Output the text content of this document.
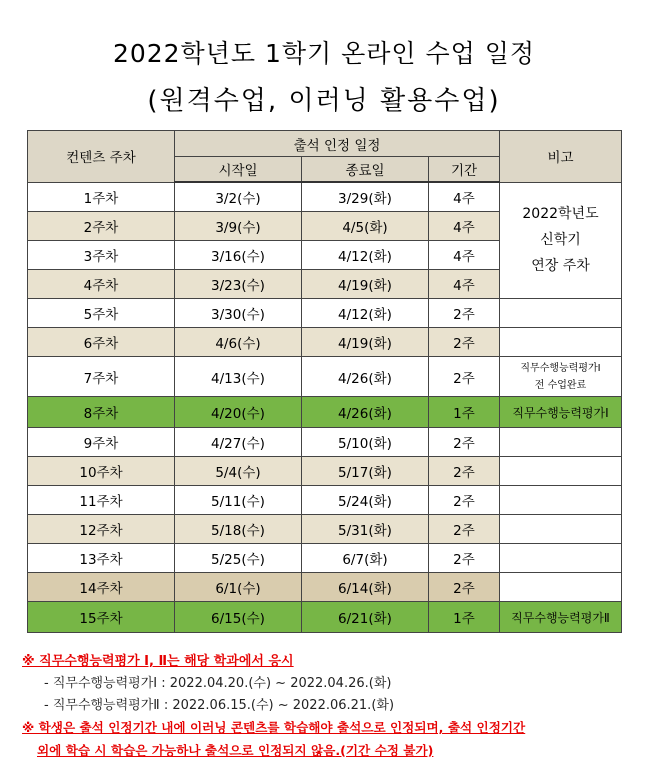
2022학년도 1학기 온라인 수업 일정
(원격수업, 이러닝 활용수업)
컨텐츠 주차	출석 인정 일정			비고
	시작일	종료일	기간	
1주차	3/2(수)	3/29(화)	4주	2022학년도
신학기
연장 주차

2주차	3/9(수)	4/5(화)	4주	
3주차	3/16(수)	4/12(화)	4주	
4주차	3/23(수)	4/19(화)	4주	
5주차	3/30(수)	4/12(화)	2주	
6주차	4/6(수)	4/19(화)	2주	
7주차	4/13(수)	4/26(화)	2주	직무수행능력평가Ⅰ
전 수업완료

8주차	4/20(수)	4/26(화)	1주	직무수행능력평가Ⅰ
9주차	4/27(수)	5/10(화)	2주	
10주차	5/4(수)	5/17(화)	2주	
11주차	5/11(수)	5/24(화)	2주	
12주차	5/18(수)	5/31(화)	2주	
13주차	5/25(수)	6/7(화)	2주	
14주차	6/1(수)	6/14(화)	2주	
15주차	6/15(수)	6/21(화)	1주	직무수행능력평가Ⅱ
※ 직무수행능력평가 Ⅰ, Ⅱ는 해당 학과에서 응시
- 직무수행능력평가Ⅰ : 2022.04.20.(수) ~ 2022.04.26.(화)
- 직무수행능력평가Ⅱ : 2022.06.15.(수) ~ 2022.06.21.(화)
※ 학생은 출석 인정기간 내에 이러닝 콘텐츠를 학습해야 출석으로 인정되며, 출석 인정기간
외에 학습 시 학습은 가능하나 출석으로 인정되지 않음.(기간 수정 불가)
